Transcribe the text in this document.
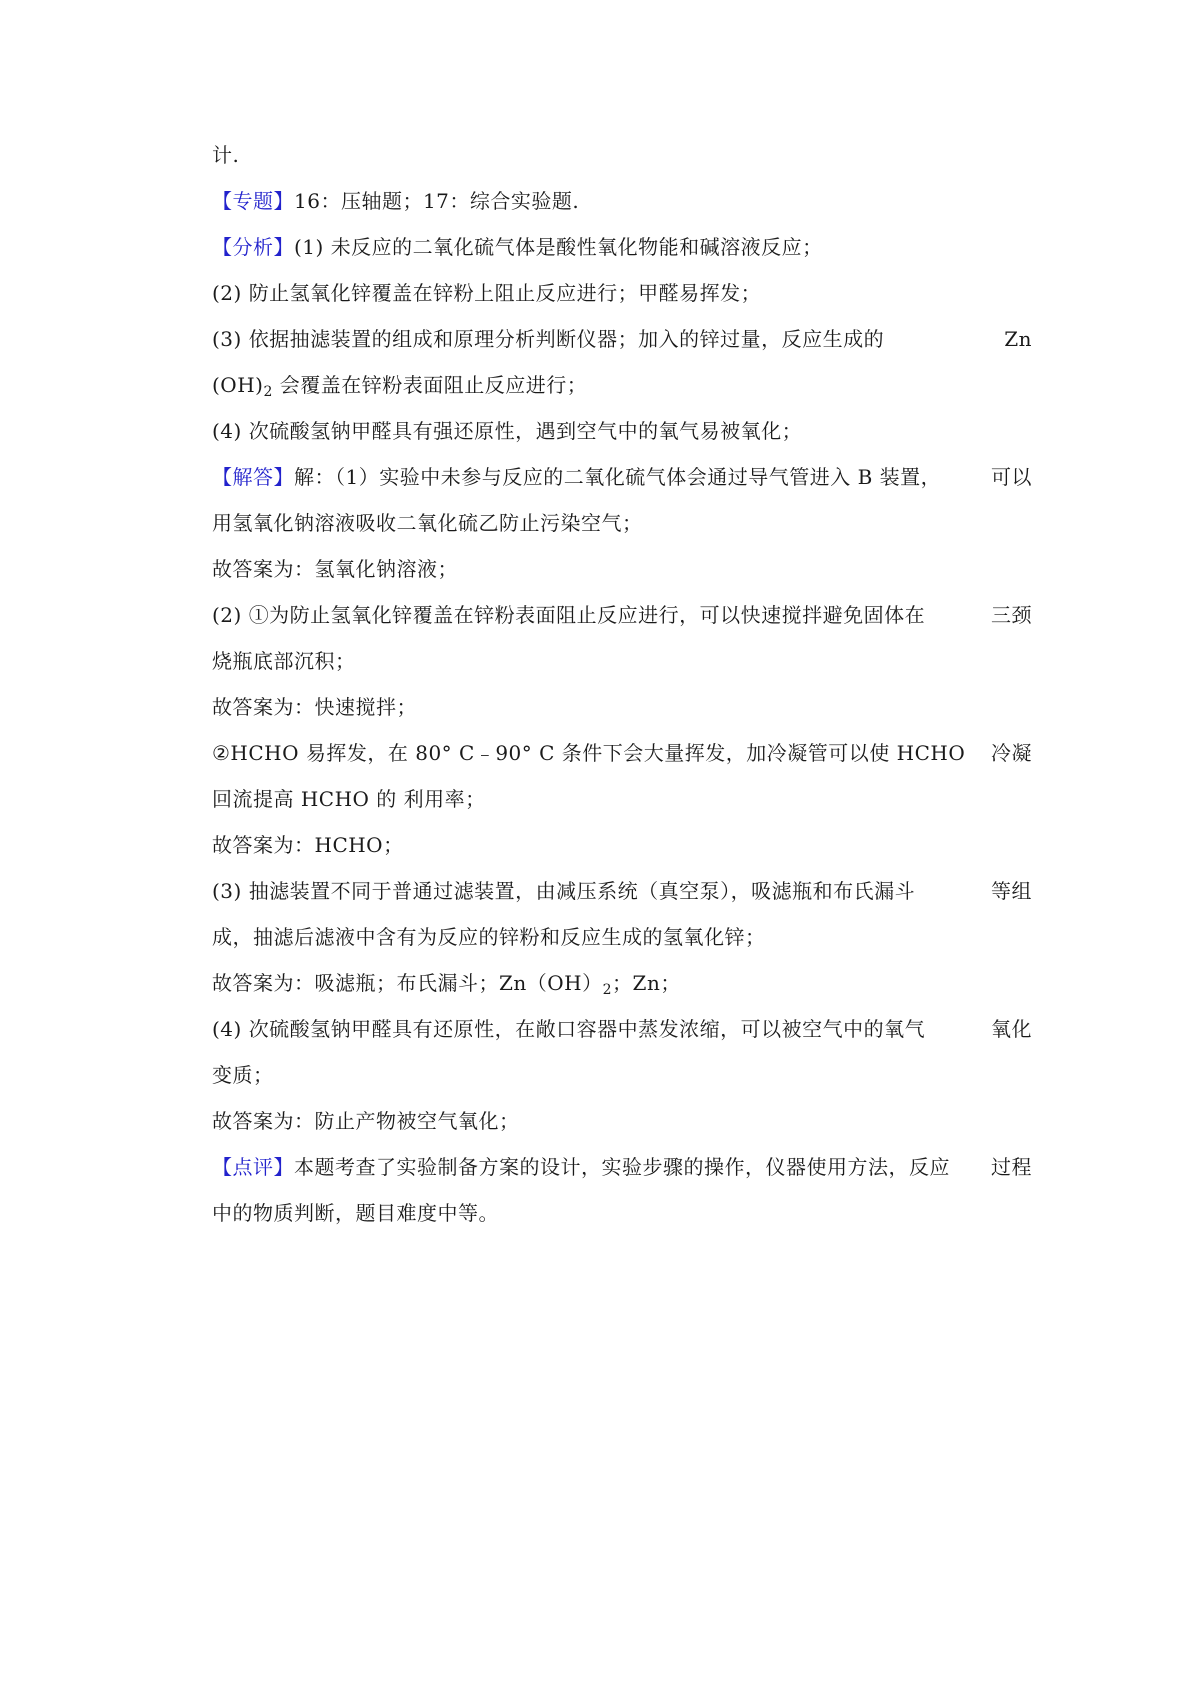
计.
【专题】16：压轴题；17：综合实验题.
【分析】(1) 未反应的二氧化硫气体是酸性氧化物能和碱溶液反应；
(2) 防止氢氧化锌覆盖在锌粉上阻止反应进行；甲醛易挥发；
(3) 依据抽滤装置的组成和原理分析判断仪器；加入的锌过量，反应生成的	Zn
$(OH)_2$ 会覆盖在锌粉表面阻止反应进行；
(4) 次硫酸氢钠甲醛具有强还原性，遇到空气中的氧气易被氧化；
【解答】解：（1）实验中未参与反应的二氧化硫气体会通过导气管进入 B 装置， 可以
用氢氧化钠溶液吸收二氧化硫乙防止污染空气；
故答案为：氢氧化钠溶液；
(2) ①为防止氢氧化锌覆盖在锌粉表面阻止反应进行，可以快速搅拌避免固体在	三颈
烧瓶底部沉积；
故答案为：快速搅拌；
②HCHO 易挥发，在 80° C﹣90° C 条件下会大量挥发，加冷凝管可以使 HCHO 冷凝
回流提高 HCHO 的 利用率；
故答案为：HCHO；
(3) 抽滤装置不同于普通过滤装置，由减压系统（真空泵），吸滤瓶和布氏漏斗	等组
成，抽滤后滤液中含有为反应的锌粉和反应生成的氢氧化锌；
故答案为：吸滤瓶；布氏漏斗；$Zn(OH)_2$；Zn；
(4) 次硫酸氢钠甲醛具有还原性，在敞口容器中蒸发浓缩，可以被空气中的氧气	氧化
变质；
故答案为：防止产物被空气氧化；
【点评】本题考查了实验制备方案的设计，实验步骤的操作，仪器使用方法，反应 过程
中的物质判断，题目难度中等。
